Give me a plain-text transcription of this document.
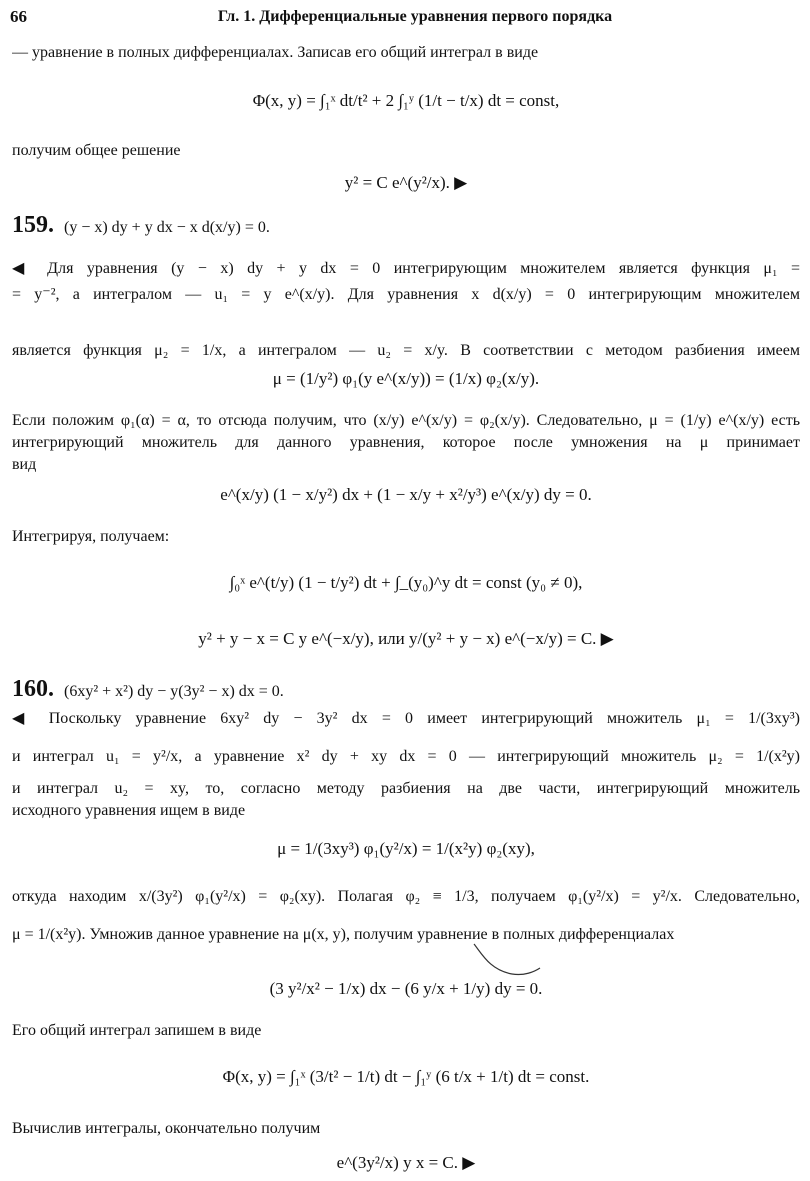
66	Гл. 1. Дифференциальные уравнения первого порядка
— уравнение в полных дифференциалах. Записав его общий интеграл в виде
Φ(x, y) = ∫₁ˣ dt/t² + 2 ∫₁ʸ (1/t − t/x) dt = const,
получим общее решение
y² = C e^(y²/x). ▶
159. (y − x) dy + y dx − x d(x/y) = 0.
◀ Для уравнения (y − x) dy + y dx = 0 интегрирующим множителем является функция μ₁ =
= y⁻², а интегралом — u₁ = y e^(x/y). Для уравнения x d(x/y) = 0 интегрирующим множителем
является функция μ₂ = 1/x, а интегралом — u₂ = x/y. В соответствии с методом разбиения имеем
μ = (1/y²) φ₁(y e^(x/y)) = (1/x) φ₂(x/y).
Если положим φ₁(α) = α, то отсюда получим, что (x/y) e^(x/y) = φ₂(x/y). Следовательно, μ = (1/y) e^(x/y) есть
интегрирующий множитель для данного уравнения, которое после умножения на μ принимает
вид
e^(x/y) (1 − x/y²) dx + (1 − x/y + x²/y³) e^(x/y) dy = 0.
Интегрируя, получаем:
∫₀ˣ e^(t/y) (1 − t/y²) dt + ∫_(y₀)^y dt = const (y₀ ≠ 0),
y² + y − x = C y e^(−x/y), или y/(y² + y − x) e^(−x/y) = C. ▶
160. (6xy² + x²) dy − y(3y² − x) dx = 0.
◀ Поскольку уравнение 6xy² dy − 3y² dx = 0 имеет интегрирующий множитель μ₁ = 1/(3xy³)
и интеграл u₁ = y²/x, а уравнение x² dy + xy dx = 0 — интегрирующий множитель μ₂ = 1/(x²y)
и интеграл u₂ = xy, то, согласно методу разбиения на две части, интегрирующий множитель
исходного уравнения ищем в виде
μ = 1/(3xy³) φ₁(y²/x) = 1/(x²y) φ₂(xy),
откуда находим x/(3y²) φ₁(y²/x) = φ₂(xy). Полагая φ₂ ≡ 1/3, получаем φ₁(y²/x) = y²/x. Следовательно,
μ = 1/(x²y). Умножив данное уравнение на μ(x, y), получим уравнение в полных дифференциалах
(3 y²/x² − 1/x) dx − (6 y/x + 1/y) dy = 0.
Его общий интеграл запишем в виде
Φ(x, y) = ∫₁ˣ (3/t² − 1/t) dt − ∫₁ʸ (6 t/x + 1/t) dt = const.
Вычислив интегралы, окончательно получим
e^(3y²/x) y x = C. ▶
